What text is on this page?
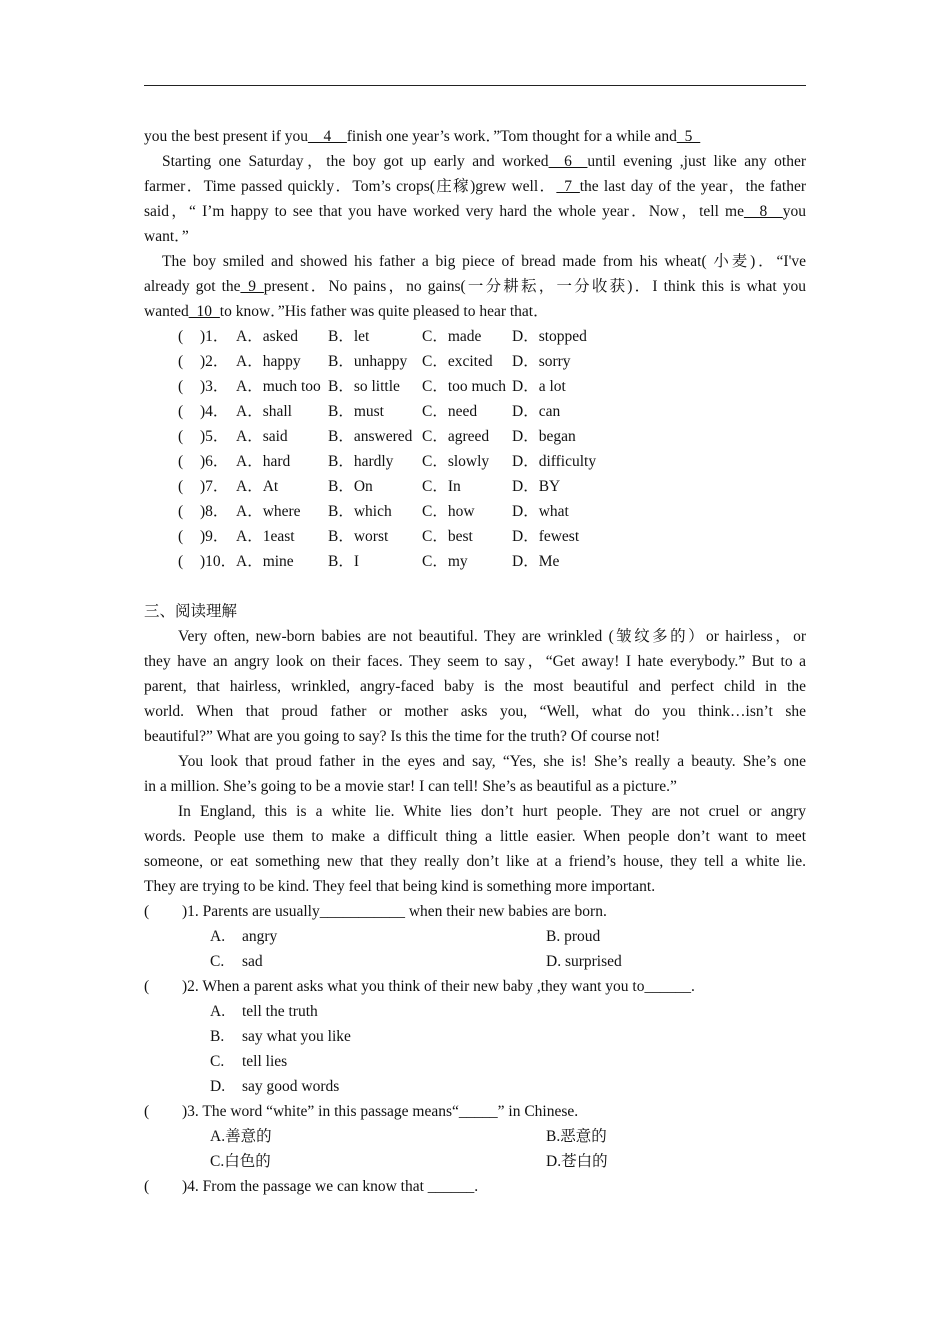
you the best present if you__4__finish one year’s work．”Tom thought for a while and_5_
Starting one Saturday，the boy got up early and worked__6__until evening ,just like any other
farmer．Time passed quickly．Tom’s crops(庄稼)grew well．_7_the last day of the year，the father
said，“ I’m happy to see that you have worked very hard the whole year．Now，tell me__8__you
want．”
The boy smiled and showed his father a big piece of bread made from his wheat( 小麦)．“I've
already got the_9_present．No pains，no gains(一分耕耘，一分收获)．I think this is what you
wanted_10_to know．”His father was quite pleased to hear that．
( )1． A．asked B．let	C．made D．stopped
( )2． A．happy B．unhappy C．excited D．sorry
( )3． A．much too B．so little C．too much D．a lot
( )4． A．shall B．must C．need D．can
( )5． A．said	B．answered C．agreed D．began
( )6． A．hard B．hardly C．slowly D．difficulty
( )7． A．At	B．On	C．In	D．BY
( )8． A．where B．which C．how D．what
( )9． A．1east B．worst C．best	D．fewest
( )10．A．mine B．I	C．my	D．Me
三、阅读理解
Very often, new-born babies are not beautiful. They are wrinkled (皱纹多的）or hairless，or
they have an angry look on their faces. They seem to say，“Get away! I hate everybody.” But to a
parent, that hairless, wrinkled, angry-faced baby is the most beautiful and perfect child in the
world. When that proud father or mother asks you, “Well, what do you think…isn’t she
beautiful?” What are you going to say? Is this the time for the truth? Of course not!
You look that proud father in the eyes and say, “Yes, she is! She’s really a beauty. She’s one
in a million. She’s going to be a movie star! I can tell! She’s as beautiful as a picture.”
In England, this is a white lie. White lies don’t hurt people. They are not cruel or angry
words. People use them to make a difficult thing a little easier. When people don’t want to meet
someone, or eat something new that they really don’t like at a friend’s house, they tell a white lie.
They are trying to be kind. They feel that being kind is something more important.
( )1. Parents are usually___________ when their new babies are born.
A. angry	B. proud
C. sad	D. surprised
( )2. When a parent asks what you think of their new baby ,they want you to______.
A. tell the truth
B. say what you like
C. tell lies
D. say good words
( )3. The word “white” in this passage means“_____” in Chinese.
A.善意的	B.恶意的
C.白色的	D.苍白的
( )4. From the passage we can know that ______.
